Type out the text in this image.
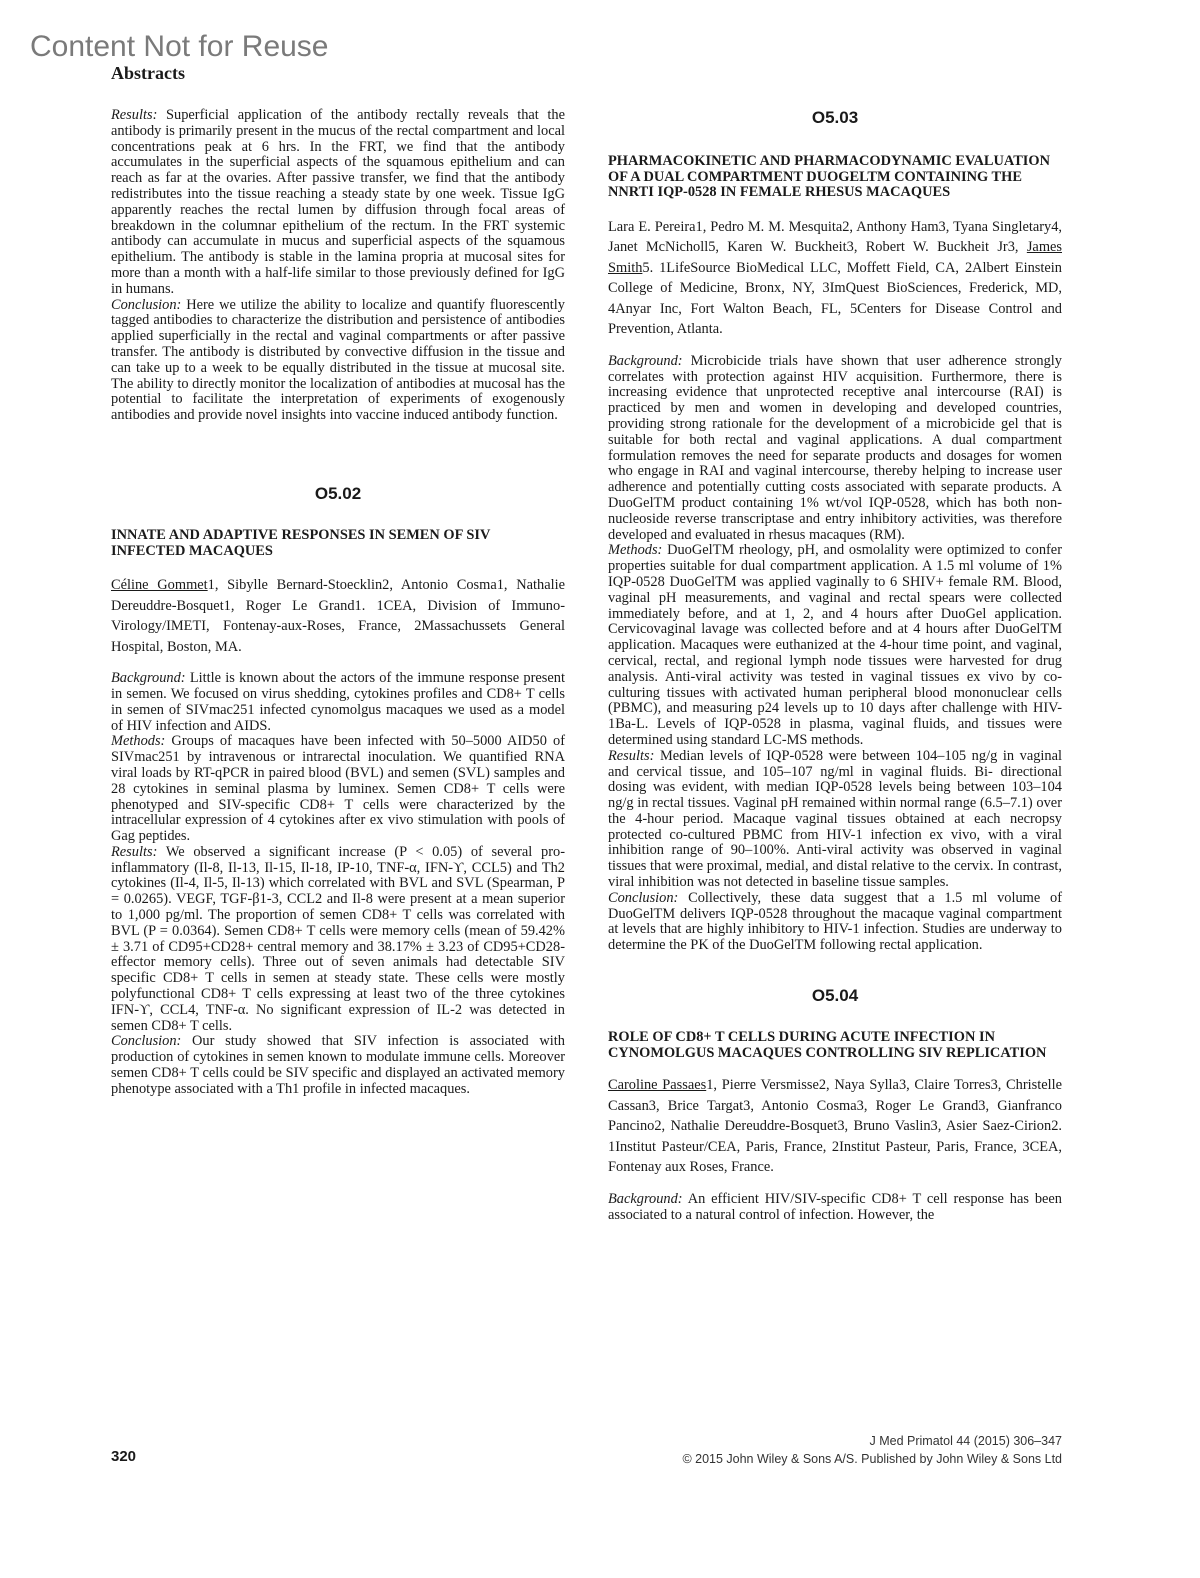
Content Not for Reuse
Abstracts

Results: Superficial application of the antibody rectally reveals that the antibody is primarily present in the mucus of the rectal compartment and local concentrations peak at 6 hrs. In the FRT, we find that the antibody accumulates in the superficial aspects of the squamous epithelium and can reach as far at the ovaries. After passive transfer, we find that the antibody redistributes into the tissue reaching a steady state by one week. Tissue IgG apparently reaches the rectal lumen by diffusion through focal areas of breakdown in the columnar epithelium of the rectum. In the FRT systemic antibody can accumulate in mucus and superficial aspects of the squamous epithelium. The antibody is stable in the lamina propria at mucosal sites for more than a month with a half-life similar to those previously defined for IgG in humans.

Conclusion: Here we utilize the ability to localize and quantify fluorescently tagged antibodies to characterize the distribution and persistence of antibodies applied superficially in the rectal and vaginal compartments or after passive transfer. The antibody is distributed by convective diffusion in the tissue and can take up to a week to be equally distributed in the tissue at mucosal site. The ability to directly monitor the localization of antibodies at mucosal has the potential to facilitate the interpretation of experiments of exogenously antibodies and provide novel insights into vaccine induced antibody function.

O5.02
INNATE AND ADAPTIVE RESPONSES IN SEMEN OF SIV INFECTED MACAQUES

Céline Gommet1, Sibylle Bernard-Stoecklin2, Antonio Cosma1, Nathalie Dereuddre-Bosquet1, Roger Le Grand1. 1CEA, Division of Immuno-Virology/IMETI, Fontenay-aux-Roses, France, 2Massachussets General Hospital, Boston, MA.

Background: Little is known about the actors of the immune response present in semen. We focused on virus shedding, cytokines profiles and CD8+ T cells in semen of SIVmac251 infected cynomolgus macaques we used as a model of HIV infection and AIDS.

Methods: Groups of macaques have been infected with 50–5000 AID50 of SIVmac251 by intravenous or intrarectal inoculation. We quantified RNA viral loads by RT-qPCR in paired blood (BVL) and semen (SVL) samples and 28 cytokines in seminal plasma by luminex. Semen CD8+ T cells were phenotyped and SIV-specific CD8+ T cells were characterized by the intracellular expression of 4 cytokines after ex vivo stimulation with pools of Gag peptides.

Results: We observed a significant increase (P < 0.05) of several pro-inflammatory (Il-8, Il-13, Il-15, Il-18, IP-10, TNF-α, IFN-ϒ, CCL5) and Th2 cytokines (Il-4, Il-5, Il-13) which correlated with BVL and SVL (Spearman, P = 0.0265). VEGF, TGF-β1-3, CCL2 and Il-8 were present at a mean superior to 1,000 pg/ml. The proportion of semen CD8+ T cells was correlated with BVL (P = 0.0364). Semen CD8+ T cells were memory cells (mean of 59.42% ± 3.71 of CD95+CD28+ central memory and 38.17% ± 3.23 of CD95+CD28- effector memory cells). Three out of seven animals had detectable SIV specific CD8+ T cells in semen at steady state. These cells were mostly polyfunctional CD8+ T cells expressing at least two of the three cytokines IFN-ϒ, CCL4, TNF-α. No significant expression of IL-2 was detected in semen CD8+ T cells.

Conclusion: Our study showed that SIV infection is associated with production of cytokines in semen known to modulate immune cells. Moreover semen CD8+ T cells could be SIV specific and displayed an activated memory phenotype associated with a Th1 profile in infected macaques.

O5.03
PHARMACOKINETIC AND PHARMACODYNAMIC EVALUATION OF A DUAL COMPARTMENT DUOGELTM CONTAINING THE NNRTI IQP-0528 IN FEMALE RHESUS MACAQUES

Lara E. Pereira1, Pedro M. M. Mesquita2, Anthony Ham3, Tyana Singletary4, Janet McNicholl5, Karen W. Buckheit3, Robert W. Buckheit Jr3, James Smith5. 1LifeSource BioMedical LLC, Moffett Field, CA, 2Albert Einstein College of Medicine, Bronx, NY, 3ImQuest BioSciences, Frederick, MD, 4Anyar Inc, Fort Walton Beach, FL, 5Centers for Disease Control and Prevention, Atlanta.

Background: Microbicide trials have shown that user adherence strongly correlates with protection against HIV acquisition. Furthermore, there is increasing evidence that unprotected receptive anal intercourse (RAI) is practiced by men and women in developing and developed countries, providing strong rationale for the development of a microbicide gel that is suitable for both rectal and vaginal applications. A dual compartment formulation removes the need for separate products and dosages for women who engage in RAI and vaginal intercourse, thereby helping to increase user adherence and potentially cutting costs associated with separate products. A DuoGelTM product containing 1% wt/vol IQP-0528, which has both non-nucleoside reverse transcriptase and entry inhibitory activities, was therefore developed and evaluated in rhesus macaques (RM).

Methods: DuoGelTM rheology, pH, and osmolality were optimized to confer properties suitable for dual compartment application. A 1.5 ml volume of 1% IQP-0528 DuoGelTM was applied vaginally to 6 SHIV+ female RM. Blood, vaginal pH measurements, and vaginal and rectal spears were collected immediately before, and at 1, 2, and 4 hours after DuoGel application. Cervicovaginal lavage was collected before and at 4 hours after DuoGelTM application. Macaques were euthanized at the 4-hour time point, and vaginal, cervical, rectal, and regional lymph node tissues were harvested for drug analysis. Anti-viral activity was tested in vaginal tissues ex vivo by co-culturing tissues with activated human peripheral blood mononuclear cells (PBMC), and measuring p24 levels up to 10 days after challenge with HIV-1Ba-L. Levels of IQP-0528 in plasma, vaginal fluids, and tissues were determined using standard LC-MS methods.

Results: Median levels of IQP-0528 were between 104–105 ng/g in vaginal and cervical tissue, and 105–107 ng/ml in vaginal fluids. Bi- directional dosing was evident, with median IQP-0528 levels being between 103–104 ng/g in rectal tissues. Vaginal pH remained within normal range (6.5–7.1) over the 4-hour period. Macaque vaginal tissues obtained at each necropsy protected co-cultured PBMC from HIV-1 infection ex vivo, with a viral inhibition range of 90–100%. Anti-viral activity was observed in vaginal tissues that were proximal, medial, and distal relative to the cervix. In contrast, viral inhibition was not detected in baseline tissue samples.

Conclusion: Collectively, these data suggest that a 1.5 ml volume of DuoGelTM delivers IQP-0528 throughout the macaque vaginal compartment at levels that are highly inhibitory to HIV-1 infection. Studies are underway to determine the PK of the DuoGelTM following rectal application.

O5.04
ROLE OF CD8+ T CELLS DURING ACUTE INFECTION IN CYNOMOLGUS MACAQUES CONTROLLING SIV REPLICATION

Caroline Passaes1, Pierre Versmisse2, Naya Sylla3, Claire Torres3, Christelle Cassan3, Brice Targat3, Antonio Cosma3, Roger Le Grand3, Gianfranco Pancino2, Nathalie Dereuddre-Bosquet3, Bruno Vaslin3, Asier Saez-Cirion2. 1Institut Pasteur/CEA, Paris, France, 2Institut Pasteur, Paris, France, 3CEA, Fontenay aux Roses, France.

Background: An efficient HIV/SIV-specific CD8+ T cell response has been associated to a natural control of infection. However, the

320
J Med Primatol 44 (2015) 306–347
© 2015 John Wiley & Sons A/S. Published by John Wiley & Sons Ltd
